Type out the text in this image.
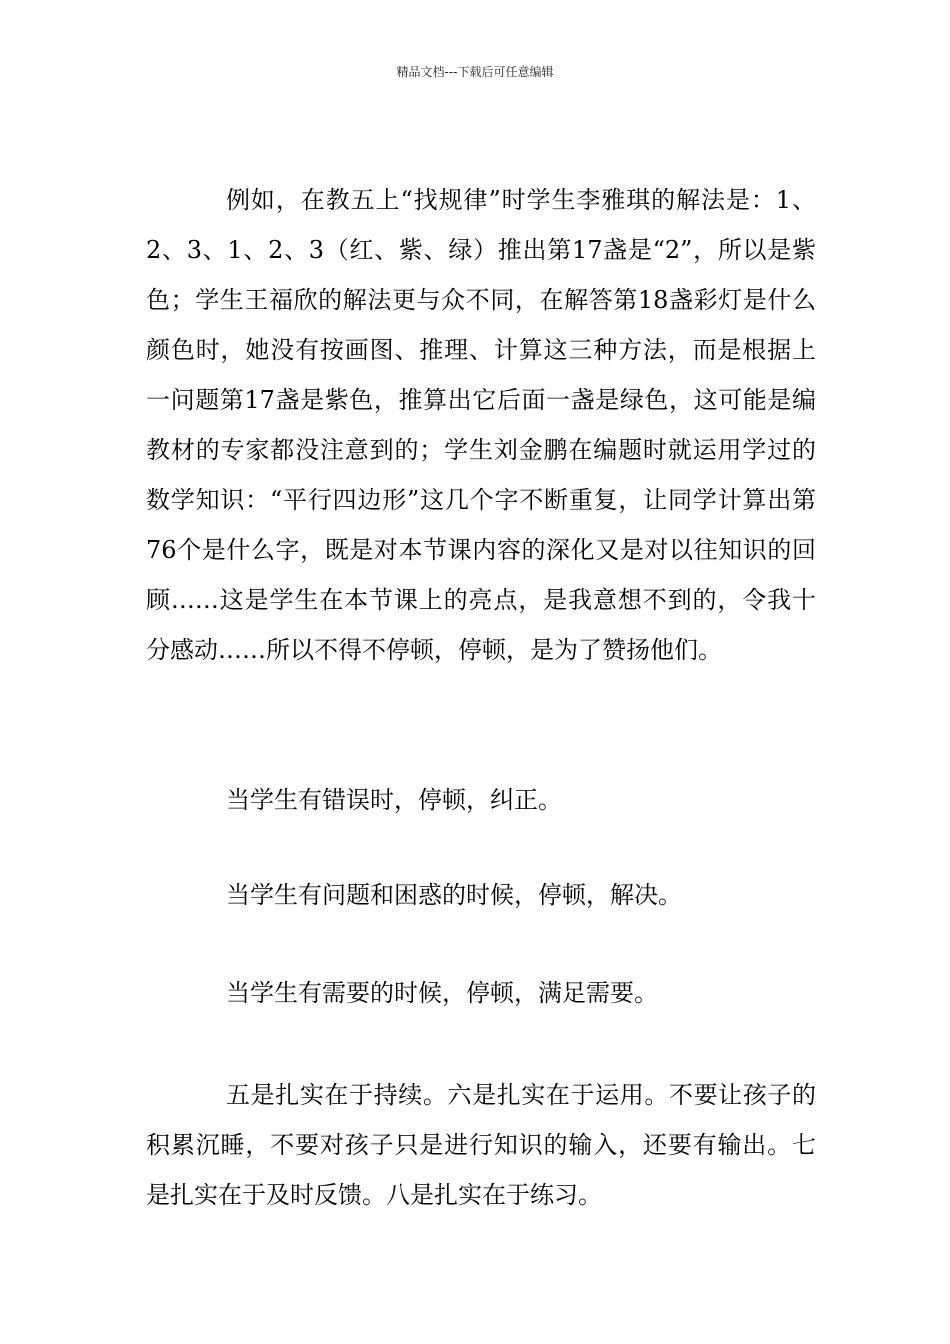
精品文档---下载后可任意编辑

例如，在教五上“找规律”时学生李雅琪的解法是：1、2、3、1、2、3（红、紫、绿）推出第17盏是“2”，所以是紫色；学生王福欣的解法更与众不同，在解答第18盏彩灯是什么颜色时，她没有按画图、推理、计算这三种方法，而是根据上一问题第17盏是紫色，推算出它后面一盏是绿色，这可能是编教材的专家都没注意到的；学生刘金鹏在编题时就运用学过的数学知识：“平行四边形”这几个字不断重复，让同学计算出第76个是什么字，既是对本节课内容的深化又是对以往知识的回顾……这是学生在本节课上的亮点，是我意想不到的，令我十分感动……所以不得不停顿，停顿，是为了赞扬他们。

当学生有错误时，停顿，纠正。

当学生有问题和困惑的时候，停顿，解决。

当学生有需要的时候，停顿，满足需要。

五是扎实在于持续。六是扎实在于运用。不要让孩子的积累沉睡，不要对孩子只是进行知识的输入，还要有输出。七是扎实在于及时反馈。八是扎实在于练习。
